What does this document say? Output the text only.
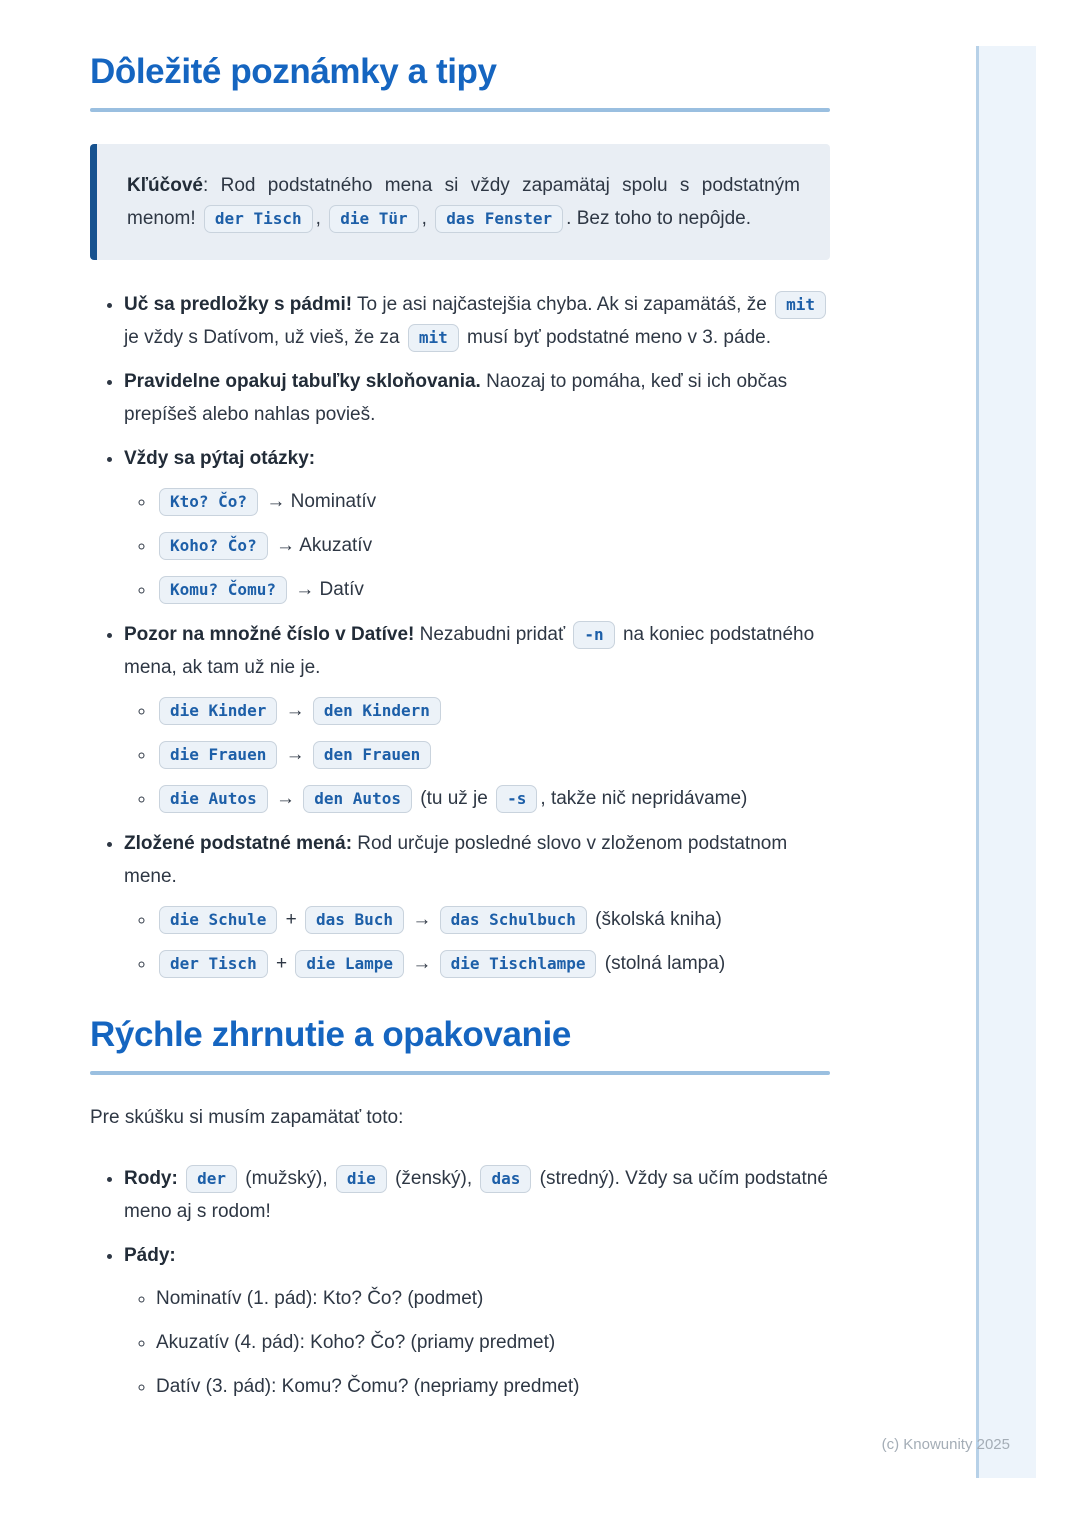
Dôležité poznámky a tipy

Kľúčové: Rod podstatného mena si vždy zapamätaj spolu s podstatným menom! der Tisch , die Tür , das Fenster . Bez toho to nepôjde.

• Uč sa predložky s pádmi! To je asi najčastejšia chyba. Ak si zapamätáš, že mit je vždy s Datívom, už vieš, že za mit musí byť podstatné meno v 3. páde.
• Pravidelne opakuj tabuľky skloňovania. Naozaj to pomáha, keď si ich občas prepíšeš alebo nahlas povieš.
• Vždy sa pýtaj otázky:
◦ Kto? Čo? → Nominatív
◦ Koho? Čo? → Akuzatív
◦ Komu? Čomu? → Datív
• Pozor na množné číslo v Datíve! Nezabudni pridať -n na koniec podstatného mena, ak tam už nie je.
◦ die Kinder → den Kindern
◦ die Frauen → den Frauen
◦ die Autos → den Autos (tu už je -s , takže nič nepridávame)
• Zložené podstatné mená: Rod určuje posledné slovo v zloženom podstatnom mene.
◦ die Schule + das Buch → das Schulbuch (školská kniha)
◦ der Tisch + die Lampe → die Tischlampe (stolná lampa)
Rýchle zhrnutie a opakovanie

Pre skúšku si musím zapamätať toto:

• Rody: der (mužský), die (ženský), das (stredný). Vždy sa učím podstatné meno aj s rodom!
• Pády:
◦ Nominatív (1. pád): Kto? Čo? (podmet)
◦ Akuzatív (4. pád): Koho? Čo? (priamy predmet)
◦ Datív (3. pád): Komu? Čomu? (nepriamy predmet)
(c) Knowunity 2025
